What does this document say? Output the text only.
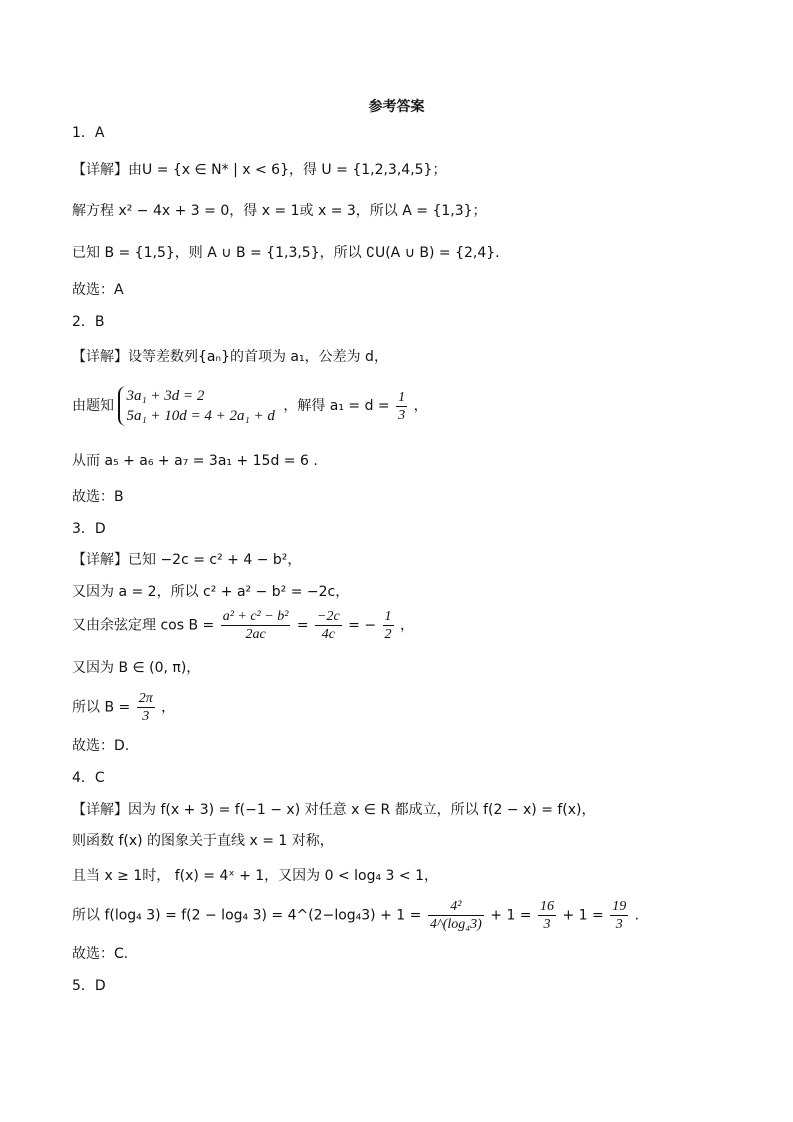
参考答案
1．A
【详解】由U = {x ∈ N* | x < 6}，得 U = {1,2,3,4,5}；
解方程 x² − 4x + 3 = 0，得 x = 1或 x = 3，所以 A = {1,3}；
已知 B = {1,5}，则 A ∪ B = {1,3,5}，所以 ∁U(A ∪ B) = {2,4}.
故选：A
2．B
【详解】设等差数列{aₙ}的首项为 a₁，公差为 d，
由题知
3a₁ + 3d = 2
5a₁ + 10d = 4 + 2a₁ + d
，解得 $a_1 = d = \frac{1}{3}$ ，
从而 a₅ + a₆ + a₇ = 3a₁ + 15d = 6 .
故选：B
3．D
【详解】已知 −2c = c² + 4 − b²，
又因为 a = 2，所以 c² + a² − b² = −2c，
又由余弦定理 $\cos B = \frac{\text{a² + c² − b²}}{2ac} = \frac{-2c}{4c}$ = − $\frac{1}{2}$ ，
又因为 B ∈ (0, π)，
所以 $B = \frac{2\pi}{3}$ ，
故选：D.
4．C
【详解】因为 f(x + 3) = f(−1 − x) 对任意 x ∈ R 都成立，所以 f(2 − x) = f(x)，
则函数 f(x) 的图象关于直线 x = 1 对称，
且当 x ≥ 1时， f(x) = 4ˣ + 1，又因为 0 < log₄ 3 < 1，
所以 f(log₄ 3) = f(2 − log₄ 3) = 4^(2−log₄3) + $1 = \frac{\text{4²}}{\text{4\textasciicircum{}(log₄3)}} + 1 = \frac{16}{3} + 1 = \frac{19}{3}$ .
故选：C.
5．D
